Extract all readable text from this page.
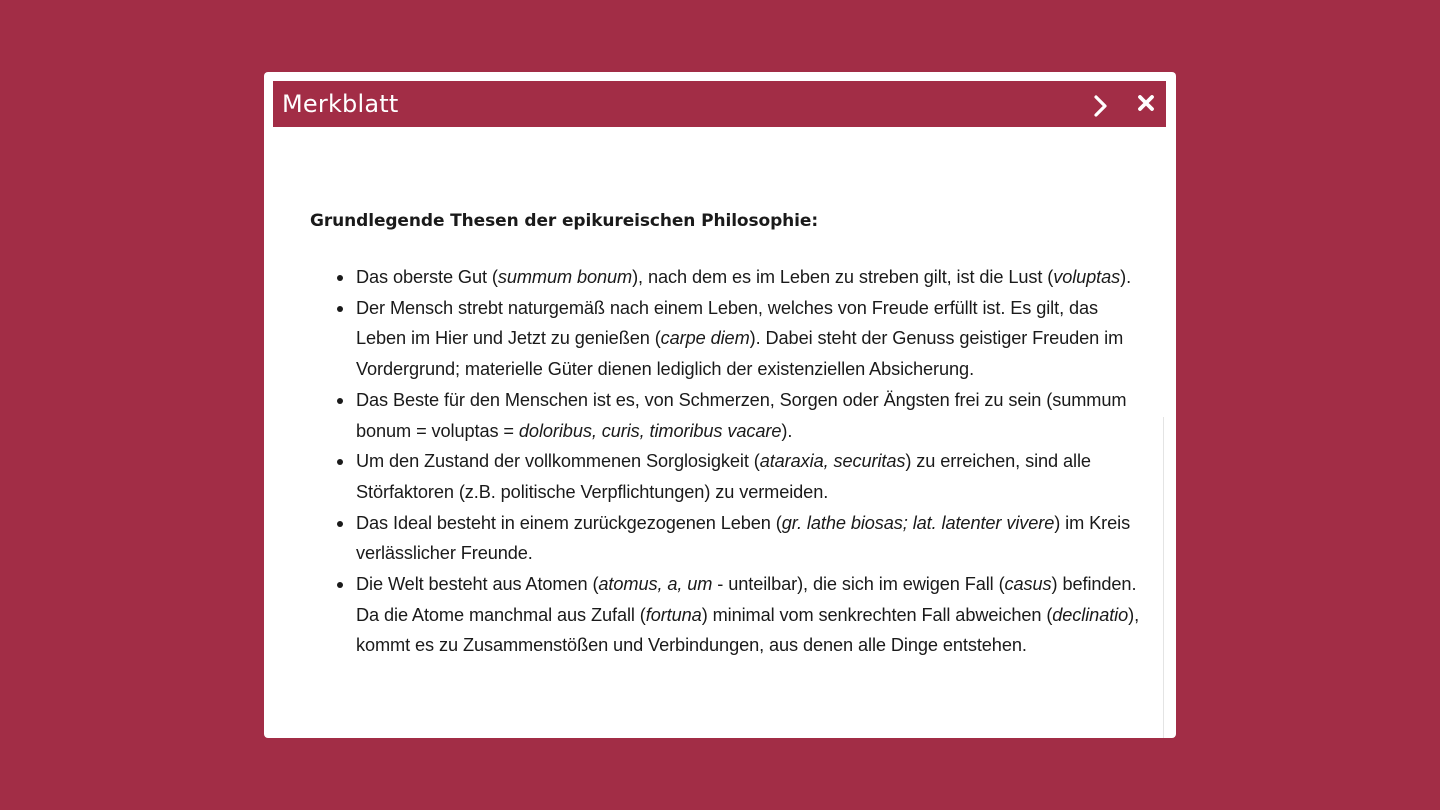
Merkblatt
Grundlegende Thesen der epikureischen Philosophie:
Das oberste Gut (summum bonum), nach dem es im Leben zu streben gilt, ist die Lust (voluptas).
Der Mensch strebt naturgemäß nach einem Leben, welches von Freude erfüllt ist. Es gilt, das Leben im Hier und Jetzt zu genießen (carpe diem). Dabei steht der Genuss geistiger Freuden im Vordergrund; materielle Güter dienen lediglich der existenziellen Absicherung.
Das Beste für den Menschen ist es, von Schmerzen, Sorgen oder Ängsten frei zu sein (summum bonum = voluptas = doloribus, curis, timoribus vacare).
Um den Zustand der vollkommenen Sorglosigkeit (ataraxia, securitas) zu erreichen, sind alle Störfaktoren (z.B. politische Verpflichtungen) zu vermeiden.
Das Ideal besteht in einem zurückgezogenen Leben (gr. lathe biosas; lat. latenter vivere) im Kreis verlässlicher Freunde.
Die Welt besteht aus Atomen (atomus, a, um - unteilbar), die sich im ewigen Fall (casus) befinden. Da die Atome manchmal aus Zufall (fortuna) minimal vom senkrechten Fall abweichen (declinatio), kommt es zu Zusammenstößen und Verbindungen, aus denen alle Dinge entstehen.
